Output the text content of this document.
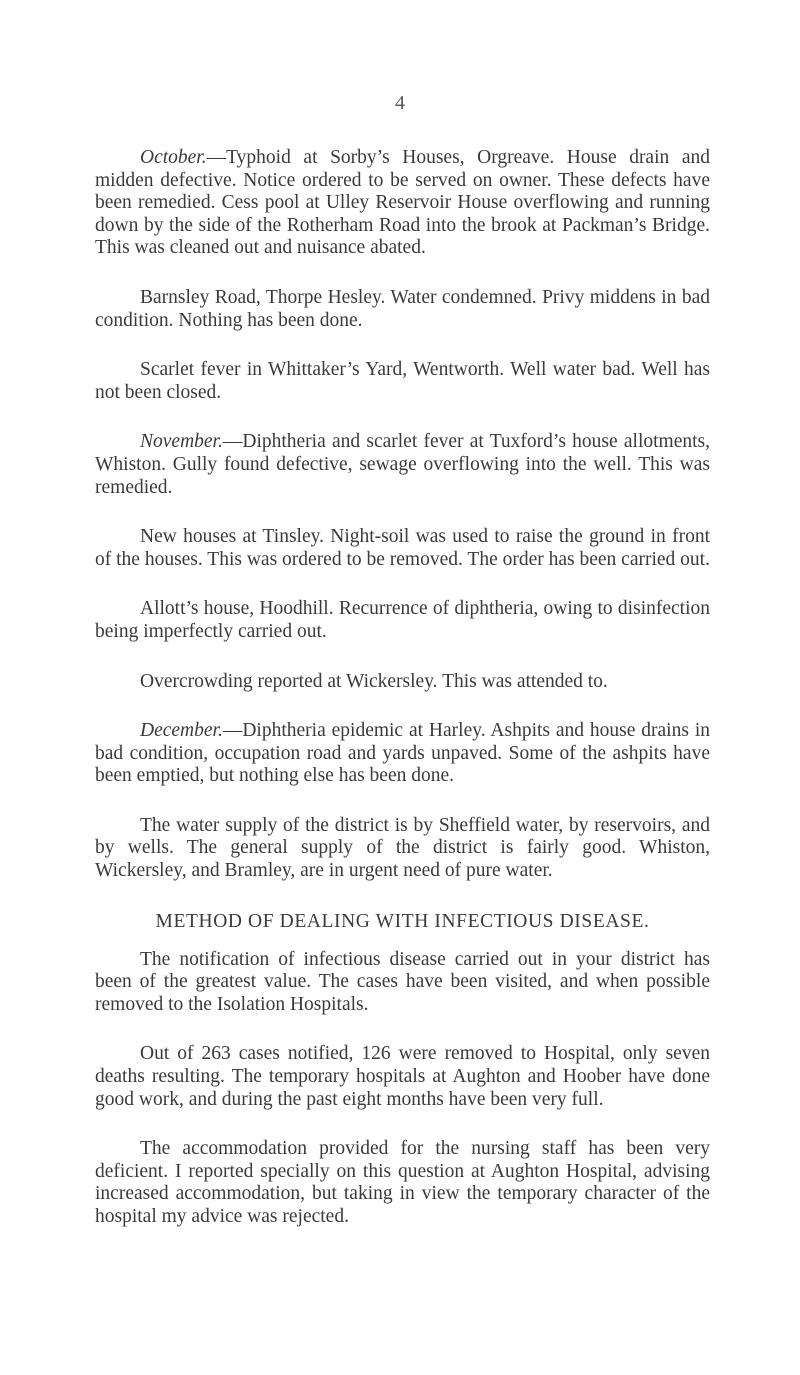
4

October.—Typhoid at Sorby’s Houses, Orgreave. House drain and midden defective. Notice ordered to be served on owner. These defects have been remedied. Cess pool at Ulley Reservoir House overflowing and running down by the side of the Rotherham Road into the brook at Packman’s Bridge. This was cleaned out and nuisance abated.

Barnsley Road, Thorpe Hesley. Water condemned. Privy middens in bad condition. Nothing has been done.

Scarlet fever in Whittaker’s Yard, Wentworth. Well water bad. Well has not been closed.

November.—Diphtheria and scarlet fever at Tuxford’s house allotments, Whiston. Gully found defective, sewage overflowing into the well. This was remedied.

New houses at Tinsley. Night-soil was used to raise the ground in front of the houses. This was ordered to be removed. The order has been carried out.

Allott’s house, Hoodhill. Recurrence of diphtheria, owing to disinfection being imperfectly carried out.

Overcrowding reported at Wickersley. This was attended to.

December.—Diphtheria epidemic at Harley. Ashpits and house drains in bad condition, occupation road and yards unpaved. Some of the ashpits have been emptied, but nothing else has been done.

The water supply of the district is by Sheffield water, by reservoirs, and by wells. The general supply of the district is fairly good. Whiston, Wickersley, and Bramley, are in urgent need of pure water.

METHOD OF DEALING WITH INFECTIOUS DISEASE.

The notification of infectious disease carried out in your district has been of the greatest value. The cases have been visited, and when possible removed to the Isolation Hospitals.

Out of 263 cases notified, 126 were removed to Hospital, only seven deaths resulting. The temporary hospitals at Aughton and Hoober have done good work, and during the past eight months have been very full.

The accommodation provided for the nursing staff has been very deficient. I reported specially on this question at Aughton Hospital, advising increased accommodation, but taking in view the temporary character of the hospital my advice was rejected.
